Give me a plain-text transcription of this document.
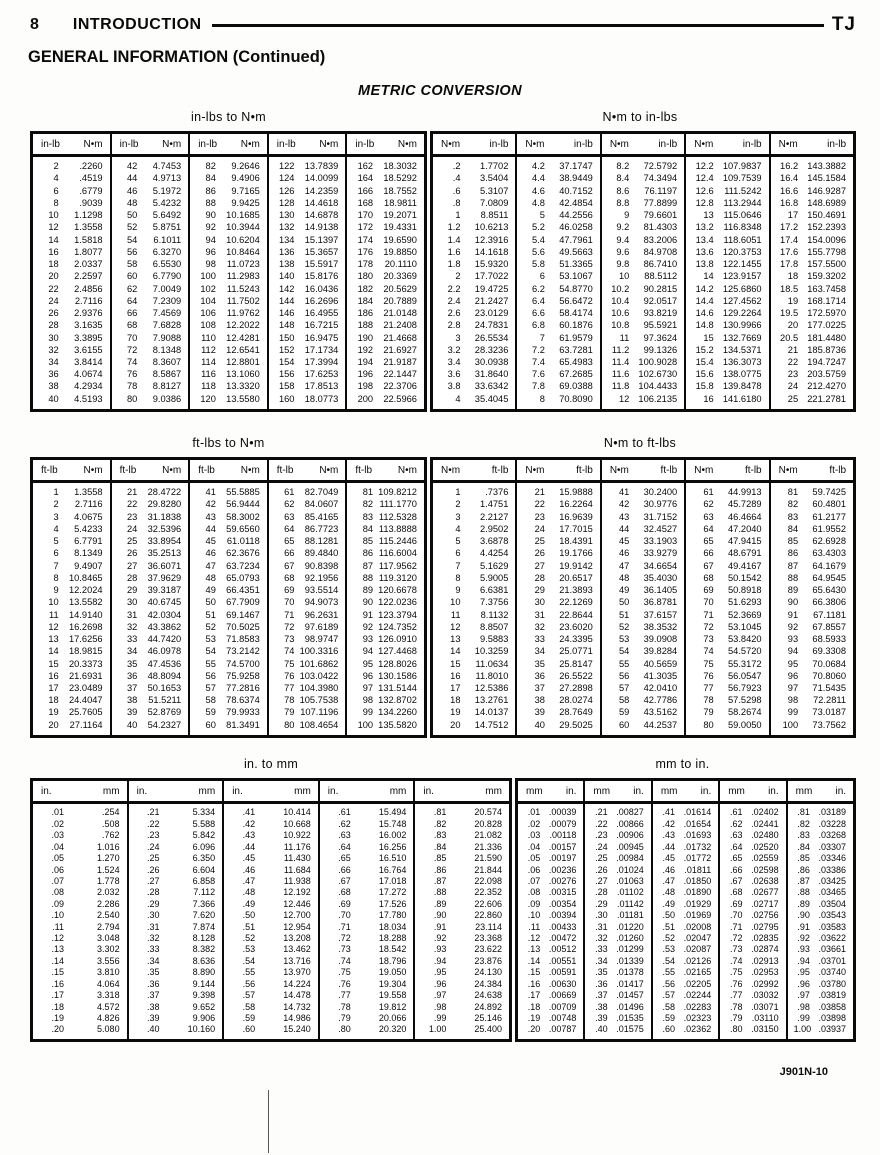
8 INTRODUCTION	TJ
GENERAL INFORMATION (Continued)
METRIC CONVERSION
in-lbs to N•m	N•m to in-lbs
in-lb N•m
2	.2260
4	.4519
6	.6779
8	.9039
10	1.1298
12	1.3558
14	1.5818
16	1.8077
18	2.0337
20	2.2597
22	2.4856
24	2.7116
26	2.9376
28	3.1635
30	3.3895
32	3.6155
34	3.8414
36	4.0674
38	4.2934
40	4.5193
in-lb N•m
42	4.7453
44	4.9713
46	5.1972
48	5.4232
50	5.6492
52	5.8751
54	6.1011
56	6.3270
58	6.5530
60	6.7790
62	7.0049
64	7.2309
66	7.4569
68	7.6828
70	7.9088
72	8.1348
74	8.3607
76	8.5867
78	8.8127
80	9.0386
in-lb N•m
82	9.2646
84	9.4906
86	9.7165
88	9.9425
90	10.1685
92	10.3944
94	10.6204
96	10.8464
98	11.0723
100	11.2983
102	11.5243
104	11.7502
106	11.9762
108	12.2022
110	12.4281
112	12.6541
114	12.8801
116	13.1060
118	13.3320
120	13.5580
in-lb N•m
122	13.7839
124	14.0099
126	14.2359
128	14.4618
130	14.6878
132	14.9138
134	15.1397
136	15.3657
138	15.5917
140	15.8176
142	16.0436
144	16.2696
146	16.4955
148	16.7215
150	16.9475
152	17.1734
154	17.3994
156	17.6253
158	17.8513
160	18.0773
in-lb N•m
162	18.3032
164	18.5292
166	18.7552
168	18.9811
170	19.2071
172	19.4331
174	19.6590
176	19.8850
178	20.1110
180	20.3369
182	20.5629
184	20.7889
186	21.0148
188	21.2408
190	21.4668
192	21.6927
194	21.9187
196	22.1447
198	22.3706
200	22.5966
N•m	in-lb
.2	1.7702
.4	3.5404
.6	5.3107
.8	7.0809
1	8.8511
1.2	10.6213
1.4	12.3916
1.6	14.1618
1.8	15.9320
2	17.7022
2.2	19.4725
2.4	21.2427
2.6	23.0129
2.8	24.7831
3	26.5534
3.2	28.3236
3.4	30.0938
3.6	31.8640
3.8	33.6342
4	35.4045
N•m	in-lb
4.2	37.1747
4.4	38.9449
4.6	40.7152
4.8	42.4854
5	44.2556
5.2	46.0258
5.4	47.7961
5.6	49.5663
5.8	51.3365
6	53.1067
6.2	54.8770
6.4	56.6472
6.6	58.4174
6.8	60.1876
7	61.9579
7.2	63.7281
7.4	65.4983
7.6	67.2685
7.8	69.0388
8	70.8090
N•m	in-lb
8.2	72.5792
8.4	74.3494
8.6	76.1197
8.8	77.8899
9	79.6601
9.2	81.4303
9.4	83.2006
9.6	84.9708
9.8	86.7410
10	88.5112
10.2	90.2815
10.4	92.0517
10.6	93.8219
10.8	95.5921
11	97.3624
11.2	99.1326
11.4 100.9028
11.6 102.6730
11.8 104.4433
12 106.2135
N•m	in-lb
12.2 107.9837
12.4 109.7539
12.6	111.5242
12.8	113.2944
13	115.0646
13.2	116.8348
13.4	118.6051
13.6 120.3753
13.8 122.1455
14 123.9157
14.2 125.6860
14.4 127.4562
14.6 129.2264
14.8 130.9966
15 132.7669
15.2 134.5371
15.4 136.3073
15.6 138.0775
15.8 139.8478
16 141.6180
N•m	in-lb
16.2 143.3882
16.4 145.1584
16.6 146.9287
16.8 148.6989
17 150.4691
17.2 152.2393
17.4 154.0096
17.6 155.7798
17.8 157.5500
18 159.3202
18.5 163.7458
19 168.1714
19.5 172.5970
20 177.0225
20.5 181.4480
21 185.8736
22 194.7247
23 203.5759
24 212.4270
25 221.2781
ft-lbs to N•m	N•m to ft-lbs
ft-lb	N•m
1	1.3558
2	2.7116
3	4.0675
4	5.4233
5	6.7791
6	8.1349
7	9.4907
8	10.8465
9	12.2024
10	13.5582
11	14.9140
12	16.2698
13	17.6256
14	18.9815
15	20.3373
16	21.6931
17	23.0489
18	24.4047
19	25.7605
20	27.1164
ft-lb	N•m
21	28.4722
22	29.8280
23	31.1838
24	32.5396
25	33.8954
26	35.2513
27	36.6071
28	37.9629
29	39.3187
30	40.6745
31	42.0304
32	43.3862
33	44.7420
34	46.0978
35	47.4536
36	48.8094
37	50.1653
38	51.5211
39	52.8769
40	54.2327
ft-lb	N•m
41	55.5885
42	56.9444
43	58.3002
44	59.6560
45	61.0118
46	62.3676
47	63.7234
48	65.0793
49	66.4351
50	67.7909
51	69.1467
52	70.5025
53	71.8583
54	73.2142
55	74.5700
56	75.9258
57	77.2816
58	78.6374
59	79.9933
60	81.3491
ft-lb	N•m
61	82.7049
62	84.0607
63	85.4165
64	86.7723
65	88.1281
66	89.4840
67	90.8398
68	92.1956
69	93.5514
70	94.9073
71	96.2631
72	97.6189
73	98.9747
74 100.3316
75 101.6862
76 103.0422
77 104.3980
78 105.7538
79 107.1196
80 108.4654
ft-lb	N•m
81 109.8212
82 111.1770
83 112.5328
84 113.8888
85 115.2446
86 116.6004
87 117.9562
88 119.3120
89 120.6678
90 122.0236
91 123.3794
92 124.7352
93 126.0910
94 127.4468
95 128.8026
96 130.1586
97 131.5144
98 132.8702
99 134.2260
100 135.5820
N•m	ft-lb
1	.7376
2	1.4751
3	2.2127
4	2.9502
5	3.6878
6	4.4254
7	5.1629
8	5.9005
9	6.6381
10	7.3756
11	8.1132
12	8.8507
13	9.5883
14	10.3259
15	11.0634
16	11.8010
17	12.5386
18	13.2761
19	14.0137
20	14.7512
N•m	ft-lb
21	15.9888
22	16.2264
23	16.9639
24	17.7015
25	18.4391
26	19.1766
27	19.9142
28	20.6517
29	21.3893
30	22.1269
31	22.8644
32	23.6020
33	24.3395
34	25.0771
35	25.8147
36	26.5522
37	27.2898
38	28.0274
39	28.7649
40	29.5025
N•m	ft-lb
41	30.2400
42	30.9776
43	31.7152
44	32.4527
45	33.1903
46	33.9279
47	34.6654
48	35.4030
49	36.1405
50	36.8781
51	37.6157
52	38.3532
53	39.0908
54	39.8284
55	40.5659
56	41.3035
57	42.0410
58	42.7786
59	43.5162
60	44.2537
N•m	ft-lb
61	44.9913
62	45.7289
63	46.4664
64	47.2040
65	47.9415
66	48.6791
67	49.4167
68	50.1542
69	50.8918
70	51.6293
71	52.3669
72	53.1045
73	53.8420
74	54.5720
75	55.3172
76	56.0547
77	56.7923
78	57.5298
79	58.2674
80	59.0050
N•m	ft-lb
81	59.7425
82	60.4801
83	61.2177
84	61.9552
85	62.6928
86	63.4303
87	64.1679
88	64.9545
89	65.6430
90	66.3806
91	67.1181
92	67.8557
93	68.5933
94	69.3308
95	70.0684
96	70.8060
97	71.5435
98	72.2811
99	73.0187
100	73.7562
in. to mm	mm to in.
in.	mm
.01	.254
.02	.508
.03	.762
.04	1.016
.05	1.270
.06	1.524
.07	1.778
.08	2.032
.09	2.286
.10	2.540
.11	2.794
.12	3.048
.13	3.302
.14	3.556
.15	3.810
.16	4.064
.17	3.318
.18	4.572
.19	4.826
.20	5.080
in.	mm
.21	5.334
.22	5.588
.23	5.842
.24	6.096
.25	6.350
.26	6.604
.27	6.858
.28	7.112
.29	7.366
.30	7.620
.31	7.874
.32	8.128
.33	8.382
.34	8.636
.35	8.890
.36	9.144
.37	9.398
.38	9.652
.39	9.906
.40	10.160
in.	mm
.41	10.414
.42	10.668
.43	10.922
.44	11.176
.45	11.430
.46	11.684
.47	11.938
.48	12.192
.49	12.446
.50	12.700
.51	12.954
.52	13.208
.53	13.462
.54	13.716
.55	13.970
.56	14.224
.57	14.478
.58	14.732
.59	14.986
.60	15.240
in.	mm
.61	15.494
.62	15.748
.63	16.002
.64	16.256
.65	16.510
.66	16.764
.67	17.018
.68	17.272
.69	17.526
.70	17.780
.71	18.034
.72	18.288
.73	18.542
.74	18.796
.75	19.050
.76	19.304
.77	19.558
.78	19.812
.79	20.066
.80	20.320
in.	mm
.81	20.574
.82	20.828
.83	21.082
.84	21.336
.85	21.590
.86	21.844
.87	22.098
.88	22.352
.89	22.606
.90	22.860
.91	23.114
.92	23.368
.93	23.622
.94	23.876
.95	24.130
.96	24.384
.97	24.638
.98	24.892
.99	25.146
1.00	25.400
mm in.
.01 .00039
.02 .00079
.03	.00118
.04 .00157
.05 .00197
.06 .00236
.07 .00276
.08 .00315
.09 .00354
.10 .00394
.11 .00433
.12 .00472
.13 .00512
.14 .00551
.15 .00591
.16 .00630
.17 .00669
.18 .00709
.19 .00748
.20 .00787
mm in.
.21 .00827
.22 .00866
.23 .00906
.24 .00945
.25 .00984
.26 .01024
.27 .01063
.28	.01102
.29	.01142
.30	.01181
.31 .01220
.32 .01260
.33 .01299
.34 .01339
.35 .01378
.36 .01417
.37 .01457
.38 .01496
.39 .01535
.40 .01575
mm in.
.41 .01614
.42 .01654
.43 .01693
.44 .01732
.45 .01772
.46	.01811
.47 .01850
.48 .01890
.49 .01929
.50 .01969
.51 .02008
.52 .02047
.53 .02087
.54 .02126
.55 .02165
.56 .02205
.57 .02244
.58 .02283
.59 .02323
.60 .02362
mm in.
.61 .02402
.62 .02441
.63 .02480
.64 .02520
.65 .02559
.66 .02598
.67 .02638
.68 .02677
.69 .02717
.70 .02756
.71 .02795
.72 .02835
.73 .02874
.74 .02913
.75 .02953
.76 .02992
.77 .03032
.78 .03071
.79	.03110
.80 .03150
mm in.
.81 .03189
.82 .03228
.83 .03268
.84 .03307
.85 .03346
.86 .03386
.87 .03425
.88 .03465
.89 .03504
.90 .03543
.91 .03583
.92 .03622
.93 .03661
.94 .03701
.95 .03740
.96 .03780
.97 .03819
.98 .03858
.99 .03898
1.00 .03937
J901N-10
